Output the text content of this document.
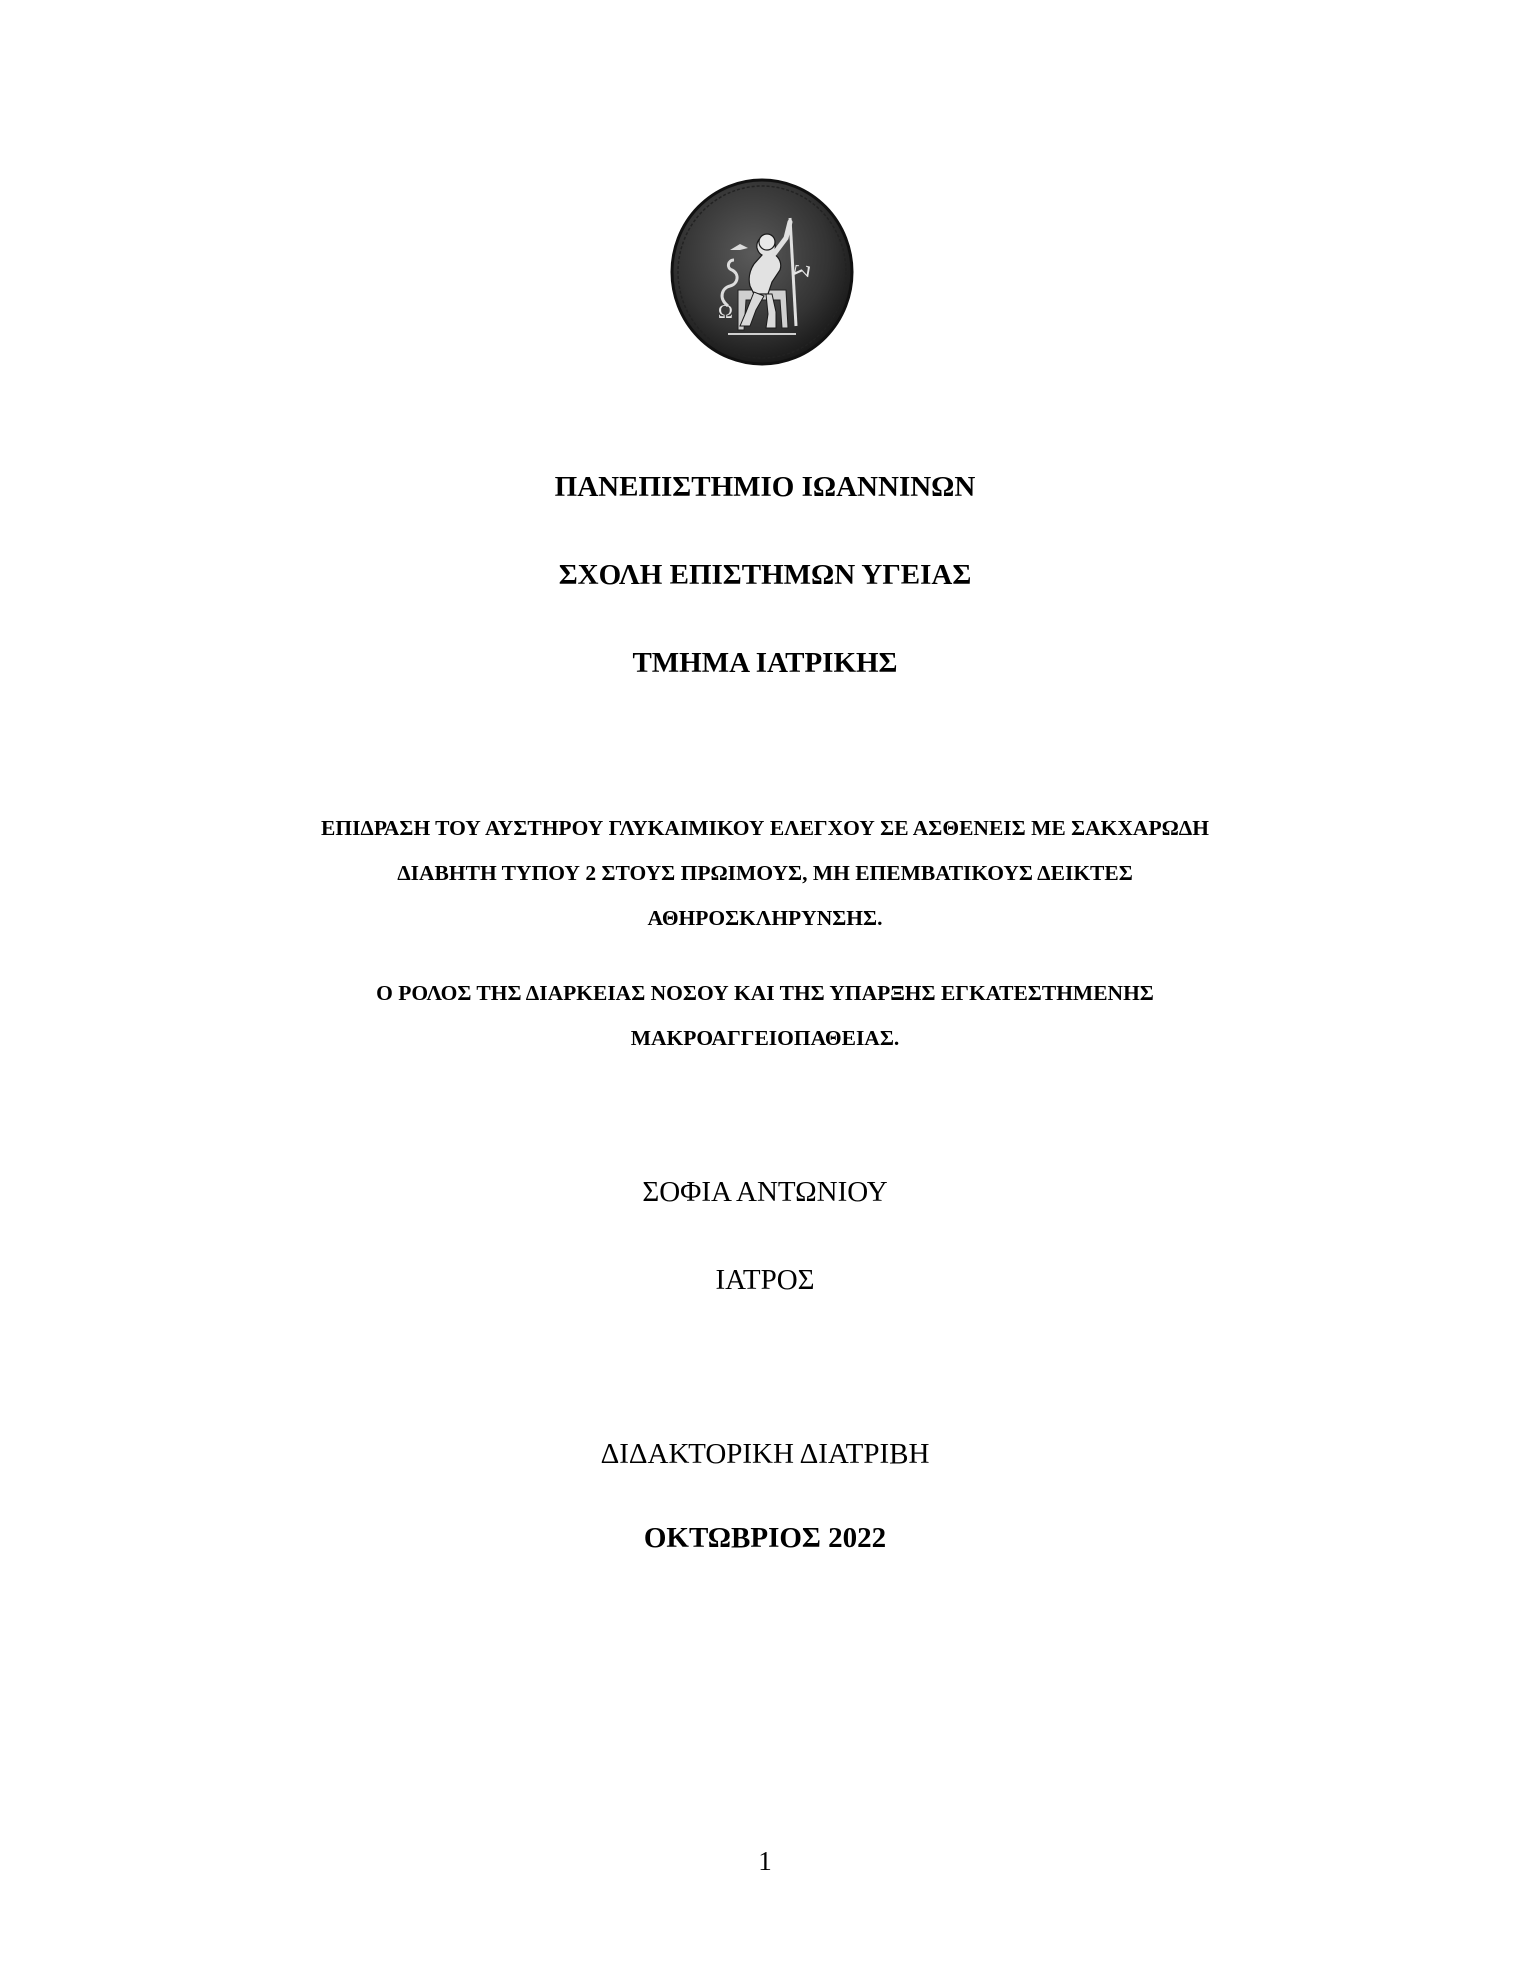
Σ
Ω
ΠΑΝΕΠΙΣΤΗΜΙΟ ΙΩΑΝΝΙΝΩΝ
ΣΧΟΛΗ ΕΠΙΣΤΗΜΩΝ ΥΓΕΙΑΣ
ΤΜΗΜΑ ΙΑΤΡΙΚΗΣ
ΕΠΙΔΡΑΣΗ ΤΟΥ ΑΥΣΤΗΡΟΥ ΓΛΥΚΑΙΜΙΚΟΥ ΕΛΕΓΧΟΥ ΣΕ ΑΣΘΕΝΕΙΣ ΜΕ ΣΑΚΧΑΡΩΔΗ
ΔΙΑΒΗΤΗ ΤΥΠΟΥ 2 ΣΤΟΥΣ ΠΡΩΙΜΟΥΣ, ΜΗ ΕΠΕΜΒΑΤΙΚΟΥΣ ΔΕΙΚΤΕΣ
ΑΘΗΡΟΣΚΛΗΡΥΝΣΗΣ.
Ο ΡΟΛΟΣ ΤΗΣ ΔΙΑΡΚΕΙΑΣ ΝΟΣΟΥ ΚΑΙ ΤΗΣ ΥΠΑΡΞΗΣ ΕΓΚΑΤΕΣΤΗΜΕΝΗΣ
ΜΑΚΡΟΑΓΓΕΙΟΠΑΘΕΙΑΣ.
ΣΟΦΙΑ ΑΝΤΩΝΙΟΥ
ΙΑΤΡΟΣ
ΔΙΔΑΚΤΟΡΙΚΗ ΔΙΑΤΡΙΒΗ
ΟΚΤΩΒΡΙΟΣ 2022
1
